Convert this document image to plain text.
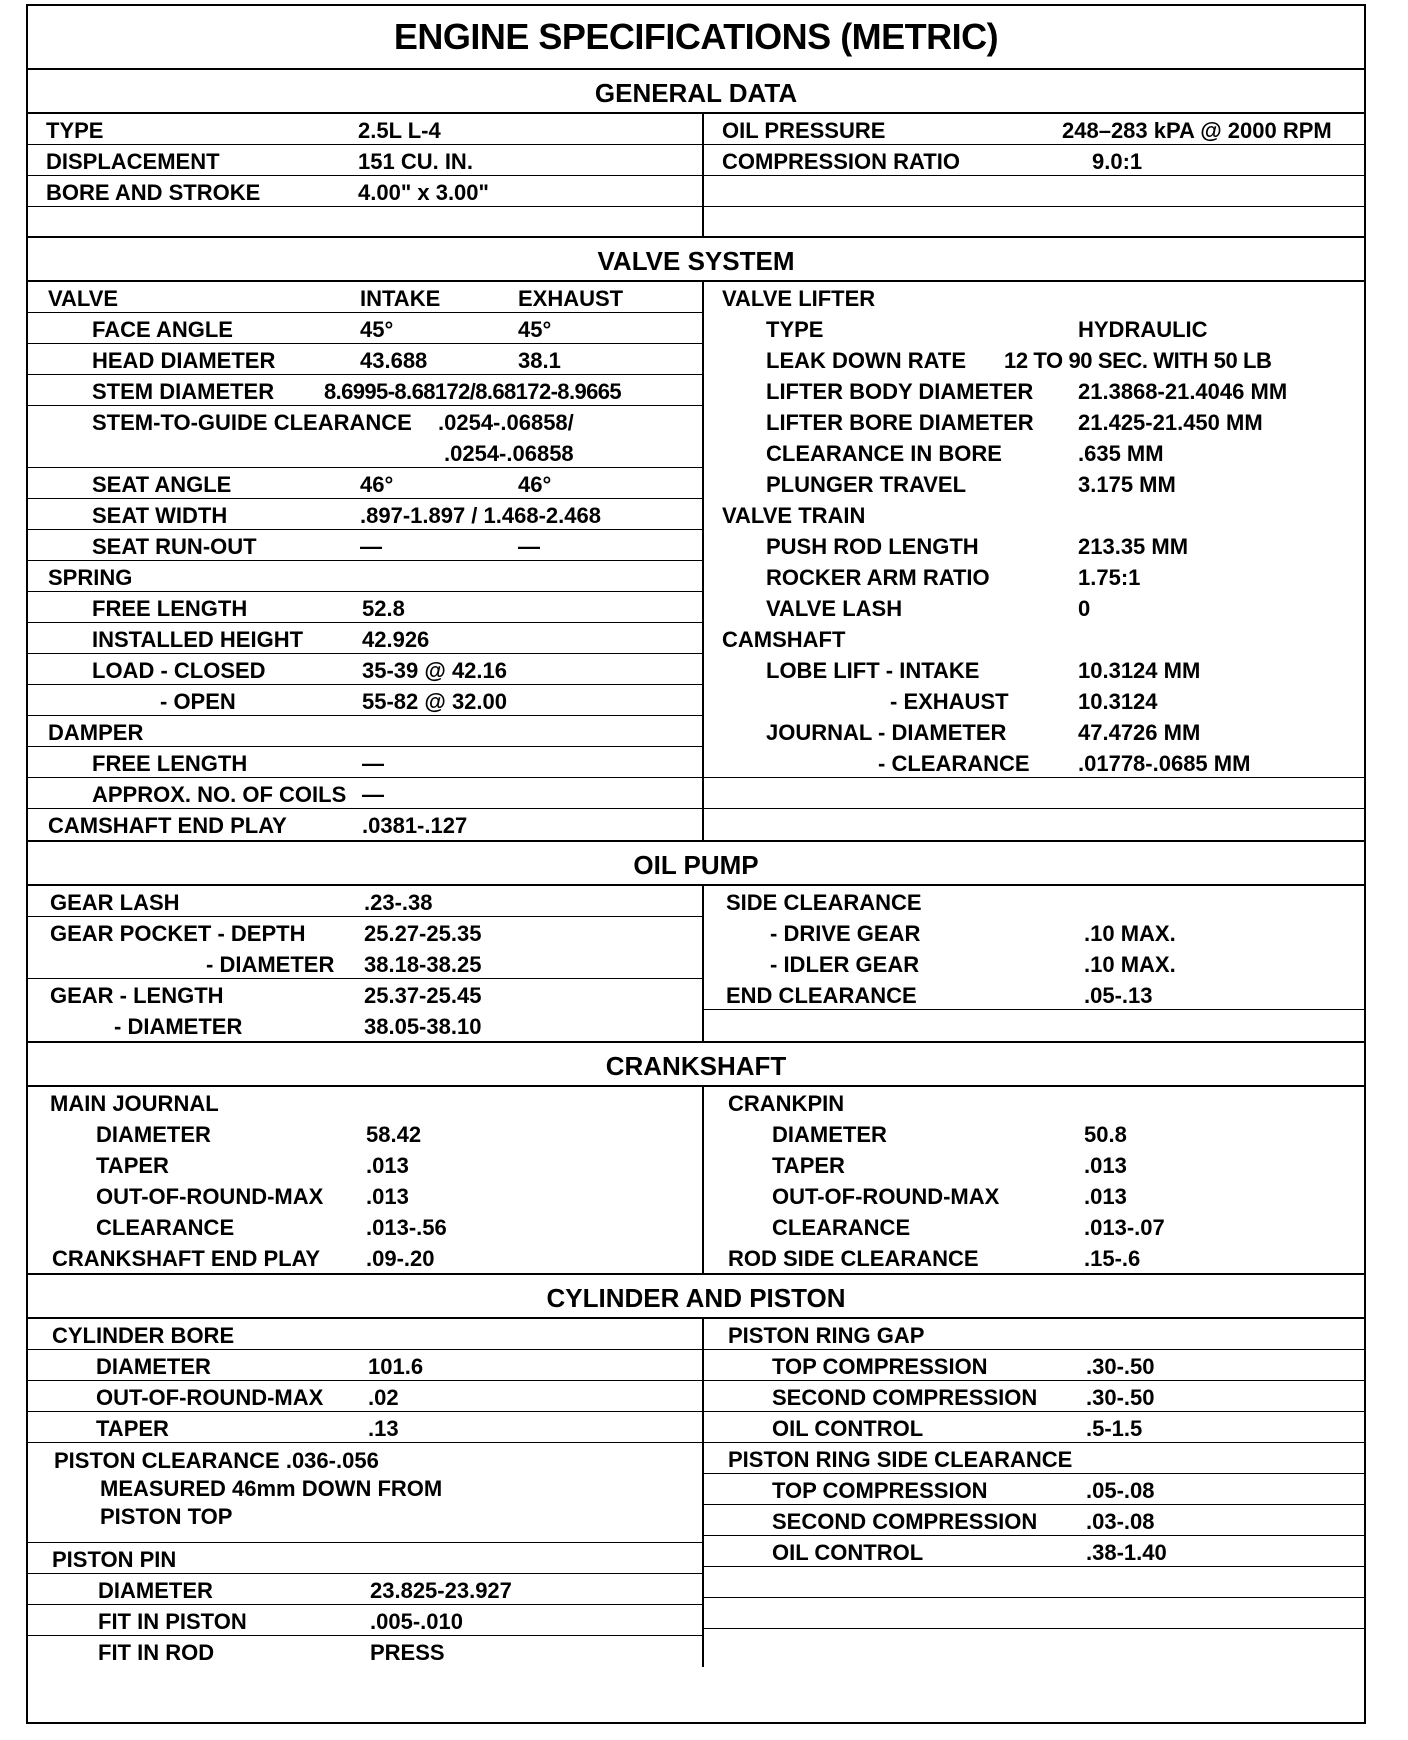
ENGINE SPECIFICATIONS (METRIC)
GENERAL DATA
TYPE	2.5L L-4
DISPLACEMENT	151 CU. IN.
BORE AND STROKE	4.00" x 3.00"
OIL PRESSURE	248–283 kPA @ 2000 RPM
COMPRESSION RATIO	9.0:1
VALVE SYSTEM
VALVE	INTAKE	EXHAUST
FACE ANGLE	45°	45°
HEAD DIAMETER	43.688	38.1
STEM DIAMETER 8.6995-8.68172/8.68172-8.9665
STEM-TO-GUIDE CLEARANCE .0254-.06858/
.0254-.06858
SEAT ANGLE	46°	46°
SEAT WIDTH	.897-1.897 / 1.468-2.468
SEAT RUN-OUT	—	—
SPRING
FREE LENGTH	52.8
INSTALLED HEIGHT	42.926
LOAD - CLOSED	35-39 @ 42.16
- OPEN	55-82 @ 32.00
DAMPER
FREE LENGTH	—
APPROX. NO. OF COILS —
CAMSHAFT END PLAY	.0381-.127
VALVE LIFTER
TYPE	HYDRAULIC
LEAK DOWN RATE 12 TO 90 SEC. WITH 50 LB
LIFTER BODY DIAMETER 21.3868-21.4046 MM
LIFTER BORE DIAMETER 21.425-21.450 MM
CLEARANCE IN BORE	.635 MM
PLUNGER TRAVEL	3.175 MM
VALVE TRAIN
PUSH ROD LENGTH	213.35 MM
ROCKER ARM RATIO	1.75:1
VALVE LASH	0
CAMSHAFT
LOBE LIFT - INTAKE	10.3124 MM
- EXHAUST	10.3124
JOURNAL - DIAMETER	47.4726 MM
- CLEARANCE .01778-.0685 MM
OIL PUMP
GEAR LASH	.23-.38
GEAR POCKET - DEPTH	25.27-25.35
- DIAMETER 38.18-38.25
GEAR - LENGTH	25.37-25.45
- DIAMETER	38.05-38.10
SIDE CLEARANCE
- DRIVE GEAR	.10 MAX.
- IDLER GEAR	.10 MAX.
END CLEARANCE	.05-.13
CRANKSHAFT
MAIN JOURNAL
DIAMETER	58.42
TAPER	.013
OUT-OF-ROUND-MAX .013
CLEARANCE	.013-.56
CRANKSHAFT END PLAY .09-.20
CRANKPIN
DIAMETER	50.8
TAPER	.013
OUT-OF-ROUND-MAX	.013
CLEARANCE	.013-.07
ROD SIDE CLEARANCE	.15-.6
CYLINDER AND PISTON
CYLINDER BORE
DIAMETER	101.6
OUT-OF-ROUND-MAX .02
TAPER	.13
PISTON CLEARANCE .036-.056
MEASURED 46mm DOWN FROM
PISTON TOP
PISTON PIN
DIAMETER	23.825-23.927
FIT IN PISTON	.005-.010
FIT IN ROD	PRESS
PISTON RING GAP
TOP COMPRESSION	.30-.50
SECOND COMPRESSION .30-.50
OIL CONTROL	.5-1.5
PISTON RING SIDE CLEARANCE
TOP COMPRESSION	.05-.08
SECOND COMPRESSION .03-.08
OIL CONTROL	.38-1.40
